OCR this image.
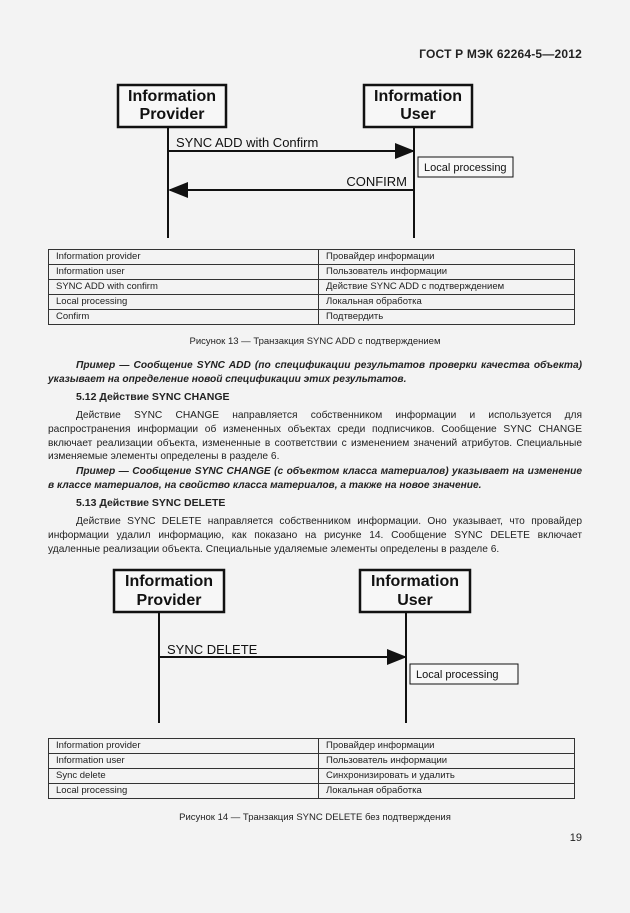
ГОСТ Р МЭК 62264-5—2012
Information
Provider
Information
User
SYNC ADD with Confirm
Local processing
CONFIRM
Information provider	Провайдер информации
Information user	Пользователь информации
SYNC ADD with confirm	Действие SYNC ADD с подтверждением
Local processing	Локальная обработка
Confirm	Подтвердить
Рисунок 13 — Транзакция SYNC ADD с подтверждением
Пример — Сообщение SYNC ADD (по спецификации результатов проверки качества объекта) указывает на определение новой спецификации этих результатов.
5.12 Действие SYNC CHANGE
Действие SYNC CHANGE направляется собственником информации и используется для распространения информации об измененных объектах среди подписчиков. Сообщение SYNC CHANGE включает реализации объекта, измененные в соответствии с изменением значений атрибутов. Специальные изменяемые элементы определены в разделе 6.
Пример — Сообщение SYNC CHANGE (с объектом класса материалов) указывает на изменение в классе материалов, на свойство класса материалов, а также на новое значение.
5.13 Действие SYNC DELETE
Действие SYNC DELETE направляется собственником информации. Оно указывает, что провайдер информации удалил информацию, как показано на рисунке 14. Сообщение SYNC DELETE включает удаленные реализации объекта. Специальные удаляемые элементы определены в разделе 6.
Information
Provider
Information
User
SYNC DELETE
Local processing
Information provider	Провайдер информации
Information user	Пользователь информации
Sync delete	Синхронизировать и удалить
Local processing	Локальная обработка
Рисунок 14 — Транзакция SYNC DELETE без подтверждения
19
